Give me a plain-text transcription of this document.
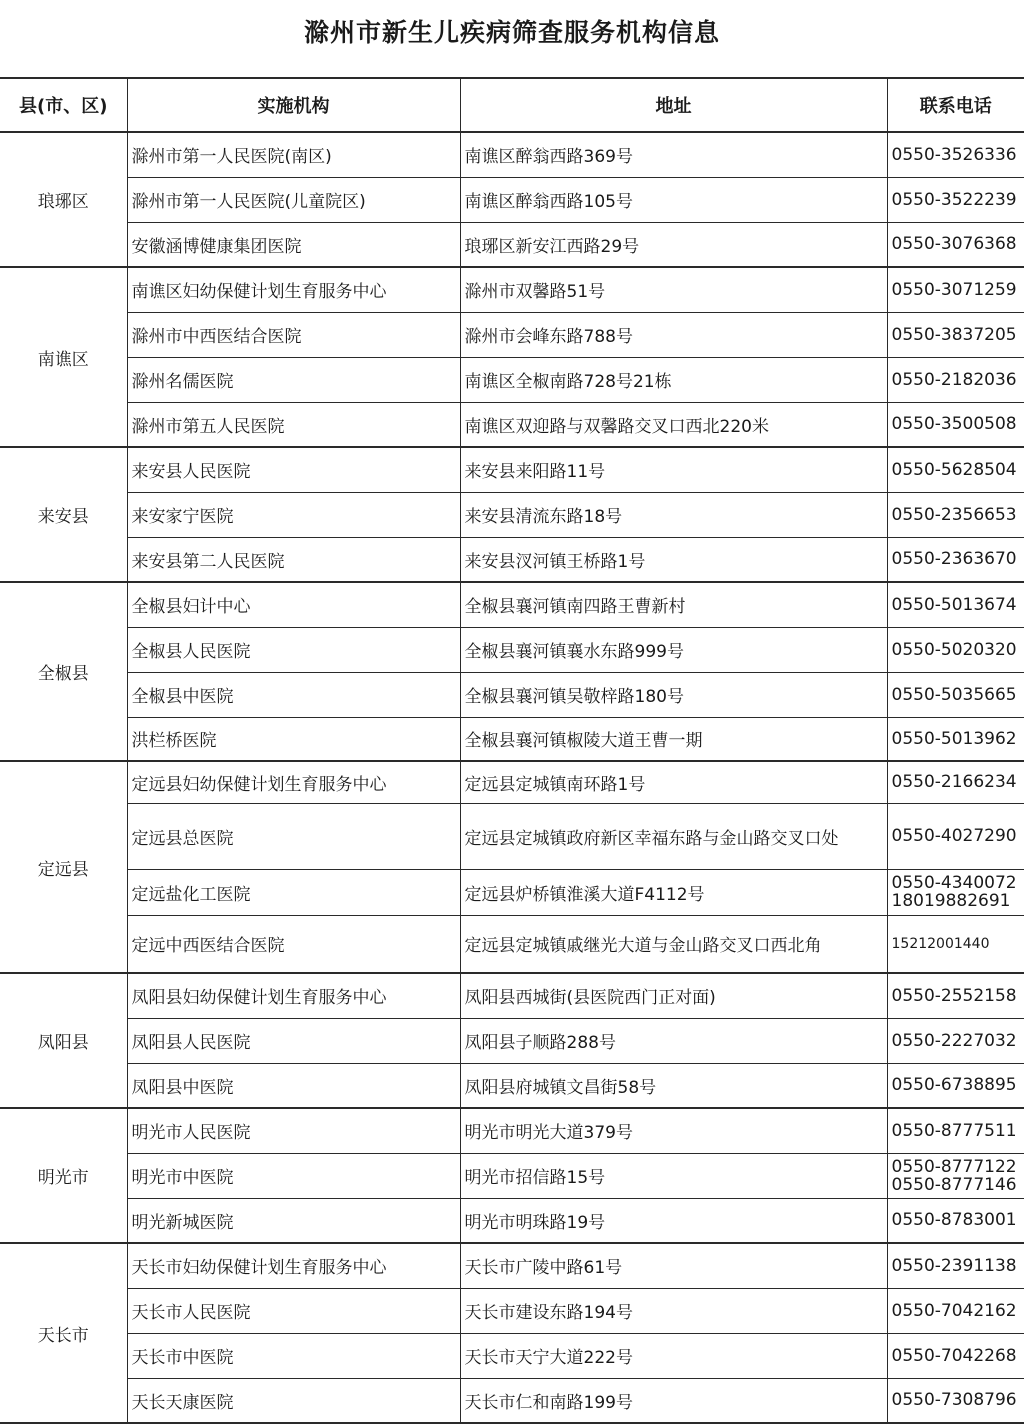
滁州市新生儿疾病筛查服务机构信息
县(市、区)	实施机构	地址	联系电话
琅琊区	滁州市第一人民医院(南区)	南谯区醉翁西路369号	0550-3526336

	滁州市第一人民医院(儿童院区)	南谯区醉翁西路105号	0550-3522239

	安徽涵博健康集团医院	琅琊区新安江西路29号	0550-3076368

南谯区	南谯区妇幼保健计划生育服务中心	滁州市双馨路51号	0550-3071259

	滁州市中西医结合医院	滁州市会峰东路788号	0550-3837205

	滁州名儒医院	南谯区全椒南路728号21栋	0550-2182036

	滁州市第五人民医院	南谯区双迎路与双馨路交叉口西北220米	0550-3500508

来安县	来安县人民医院	来安县来阳路11号	0550-5628504

	来安家宁医院	来安县清流东路18号	0550-2356653

	来安县第二人民医院	来安县汊河镇王桥路1号	0550-2363670

全椒县	全椒县妇计中心	全椒县襄河镇南四路王曹新村	0550-5013674

	全椒县人民医院	全椒县襄河镇襄水东路999号	0550-5020320

	全椒县中医院	全椒县襄河镇吴敬梓路180号	0550-5035665

	洪栏桥医院	全椒县襄河镇椒陵大道王曹一期	0550-5013962

定远县	定远县妇幼保健计划生育服务中心	定远县定城镇南环路1号	0550-2166234

	定远县总医院	定远县定城镇政府新区幸福东路与金山路交叉口处	0550-4027290

	定远盐化工医院	定远县炉桥镇淮溪大道F4112号	0550-4340072
18019882691

	定远中西医结合医院	定远县定城镇戚继光大道与金山路交叉口西北角	15212001440

凤阳县	凤阳县妇幼保健计划生育服务中心	凤阳县西城街(县医院西门正对面)	0550-2552158

	凤阳县人民医院	凤阳县子顺路288号	0550-2227032

	凤阳县中医院	凤阳县府城镇文昌街58号	0550-6738895

明光市	明光市人民医院	明光市明光大道379号	0550-8777511

	明光市中医院	明光市招信路15号	0550-8777122
0550-8777146

	明光新城医院	明光市明珠路19号	0550-8783001

天长市	天长市妇幼保健计划生育服务中心	天长市广陵中路61号	0550-2391138

	天长市人民医院	天长市建设东路194号	0550-7042162

	天长市中医院	天长市天宁大道222号	0550-7042268

	天长天康医院	天长市仁和南路199号	0550-7308796
